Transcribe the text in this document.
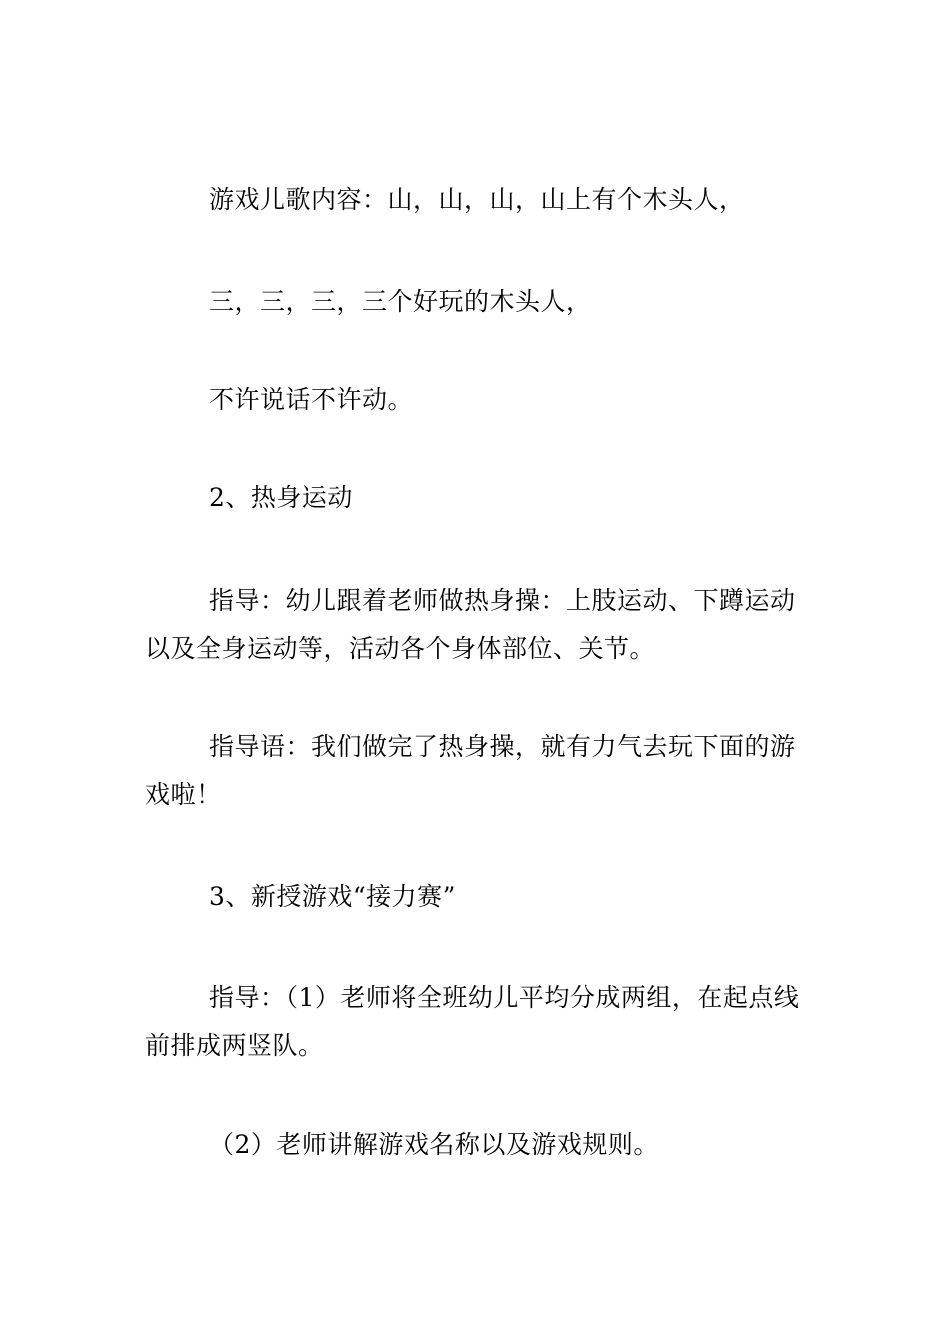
游戏儿歌内容：山，山，山，山上有个木头人，

三，三，三，三个好玩的木头人，

不许说话不许动。

2、热身运动

指导：幼儿跟着老师做热身操：上肢运动、下蹲运动以及全身运动等，活动各个身体部位、关节。

指导语：我们做完了热身操，就有力气去玩下面的游戏啦！

3、新授游戏“接力赛”

指导：（1）老师将全班幼儿平均分成两组，在起点线前排成两竖队。

（2）老师讲解游戏名称以及游戏规则。
